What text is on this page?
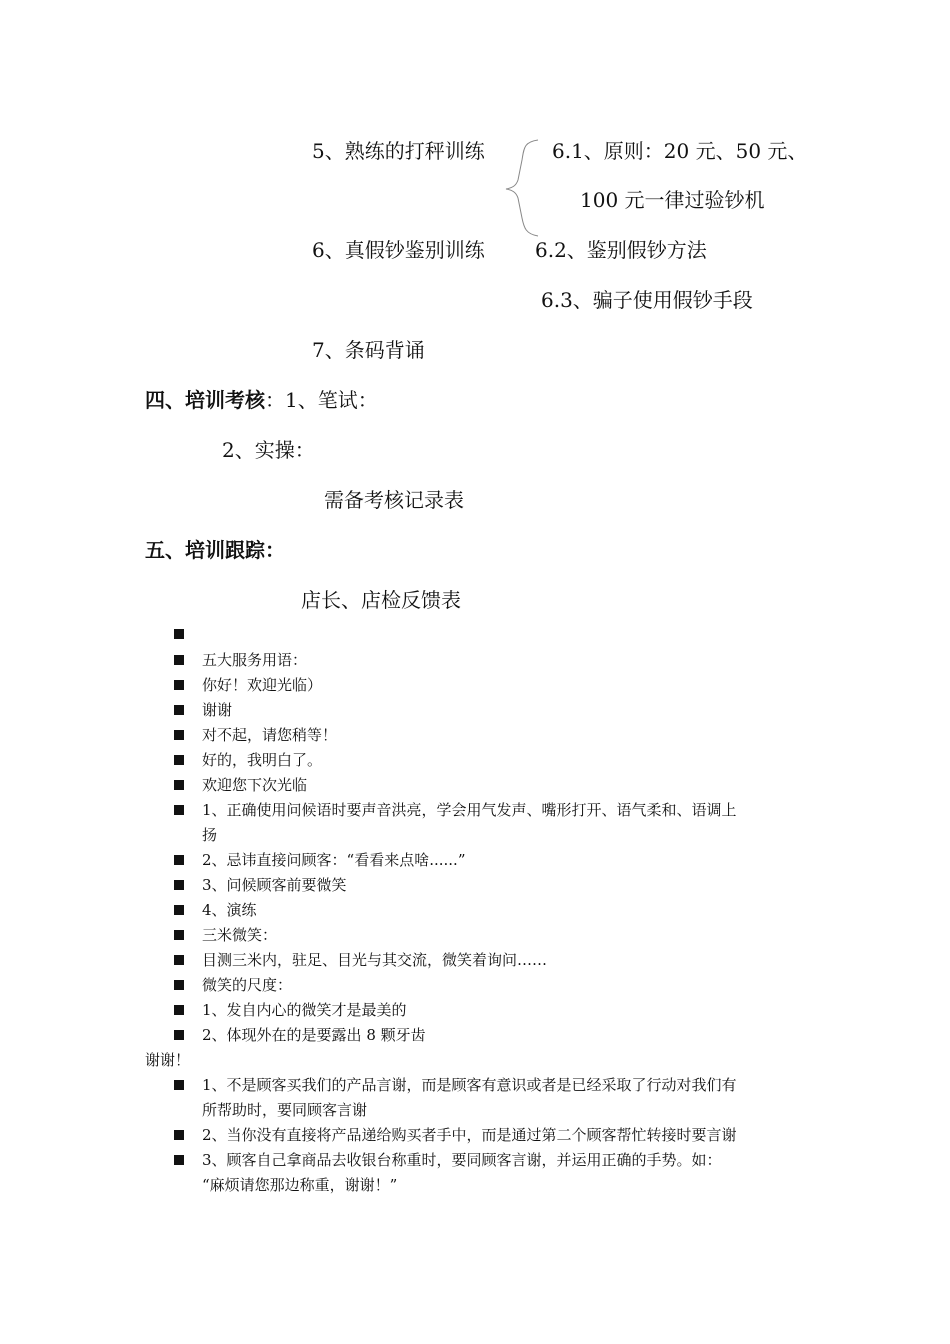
5、熟练的打秤训练	6.1、原则：20 元、50 元、
100 元一律过验钞机
6、真假钞鉴别训练	6.2、鉴别假钞方法
6.3、骗子使用假钞手段
7、条码背诵
四、培训考核：1、笔试：
2、实操：
需备考核记录表
五、培训跟踪：
店长、店检反馈表
五大服务用语：
你好！欢迎光临）
谢谢
对不起，请您稍等！
好的，我明白了。
欢迎您下次光临
1、正确使用问候语时要声音洪亮，学会用气发声、嘴形打开、语气柔和、语调上
扬
2、忌讳直接问顾客：“看看来点啥......”
3、问候顾客前要微笑
4、演练
三米微笑：
目测三米内，驻足、目光与其交流，微笑着询问……
微笑的尺度：
1、发自内心的微笑才是最美的
2、体现外在的是要露出 8 颗牙齿
谢谢！
1、不是顾客买我们的产品言谢，而是顾客有意识或者是已经采取了行动对我们有
所帮助时，要同顾客言谢
2、当你没有直接将产品递给购买者手中，而是通过第二个顾客帮忙转接时要言谢
3、顾客自己拿商品去收银台称重时，要同顾客言谢，并运用正确的手势。如：
“麻烦请您那边称重，谢谢！”
